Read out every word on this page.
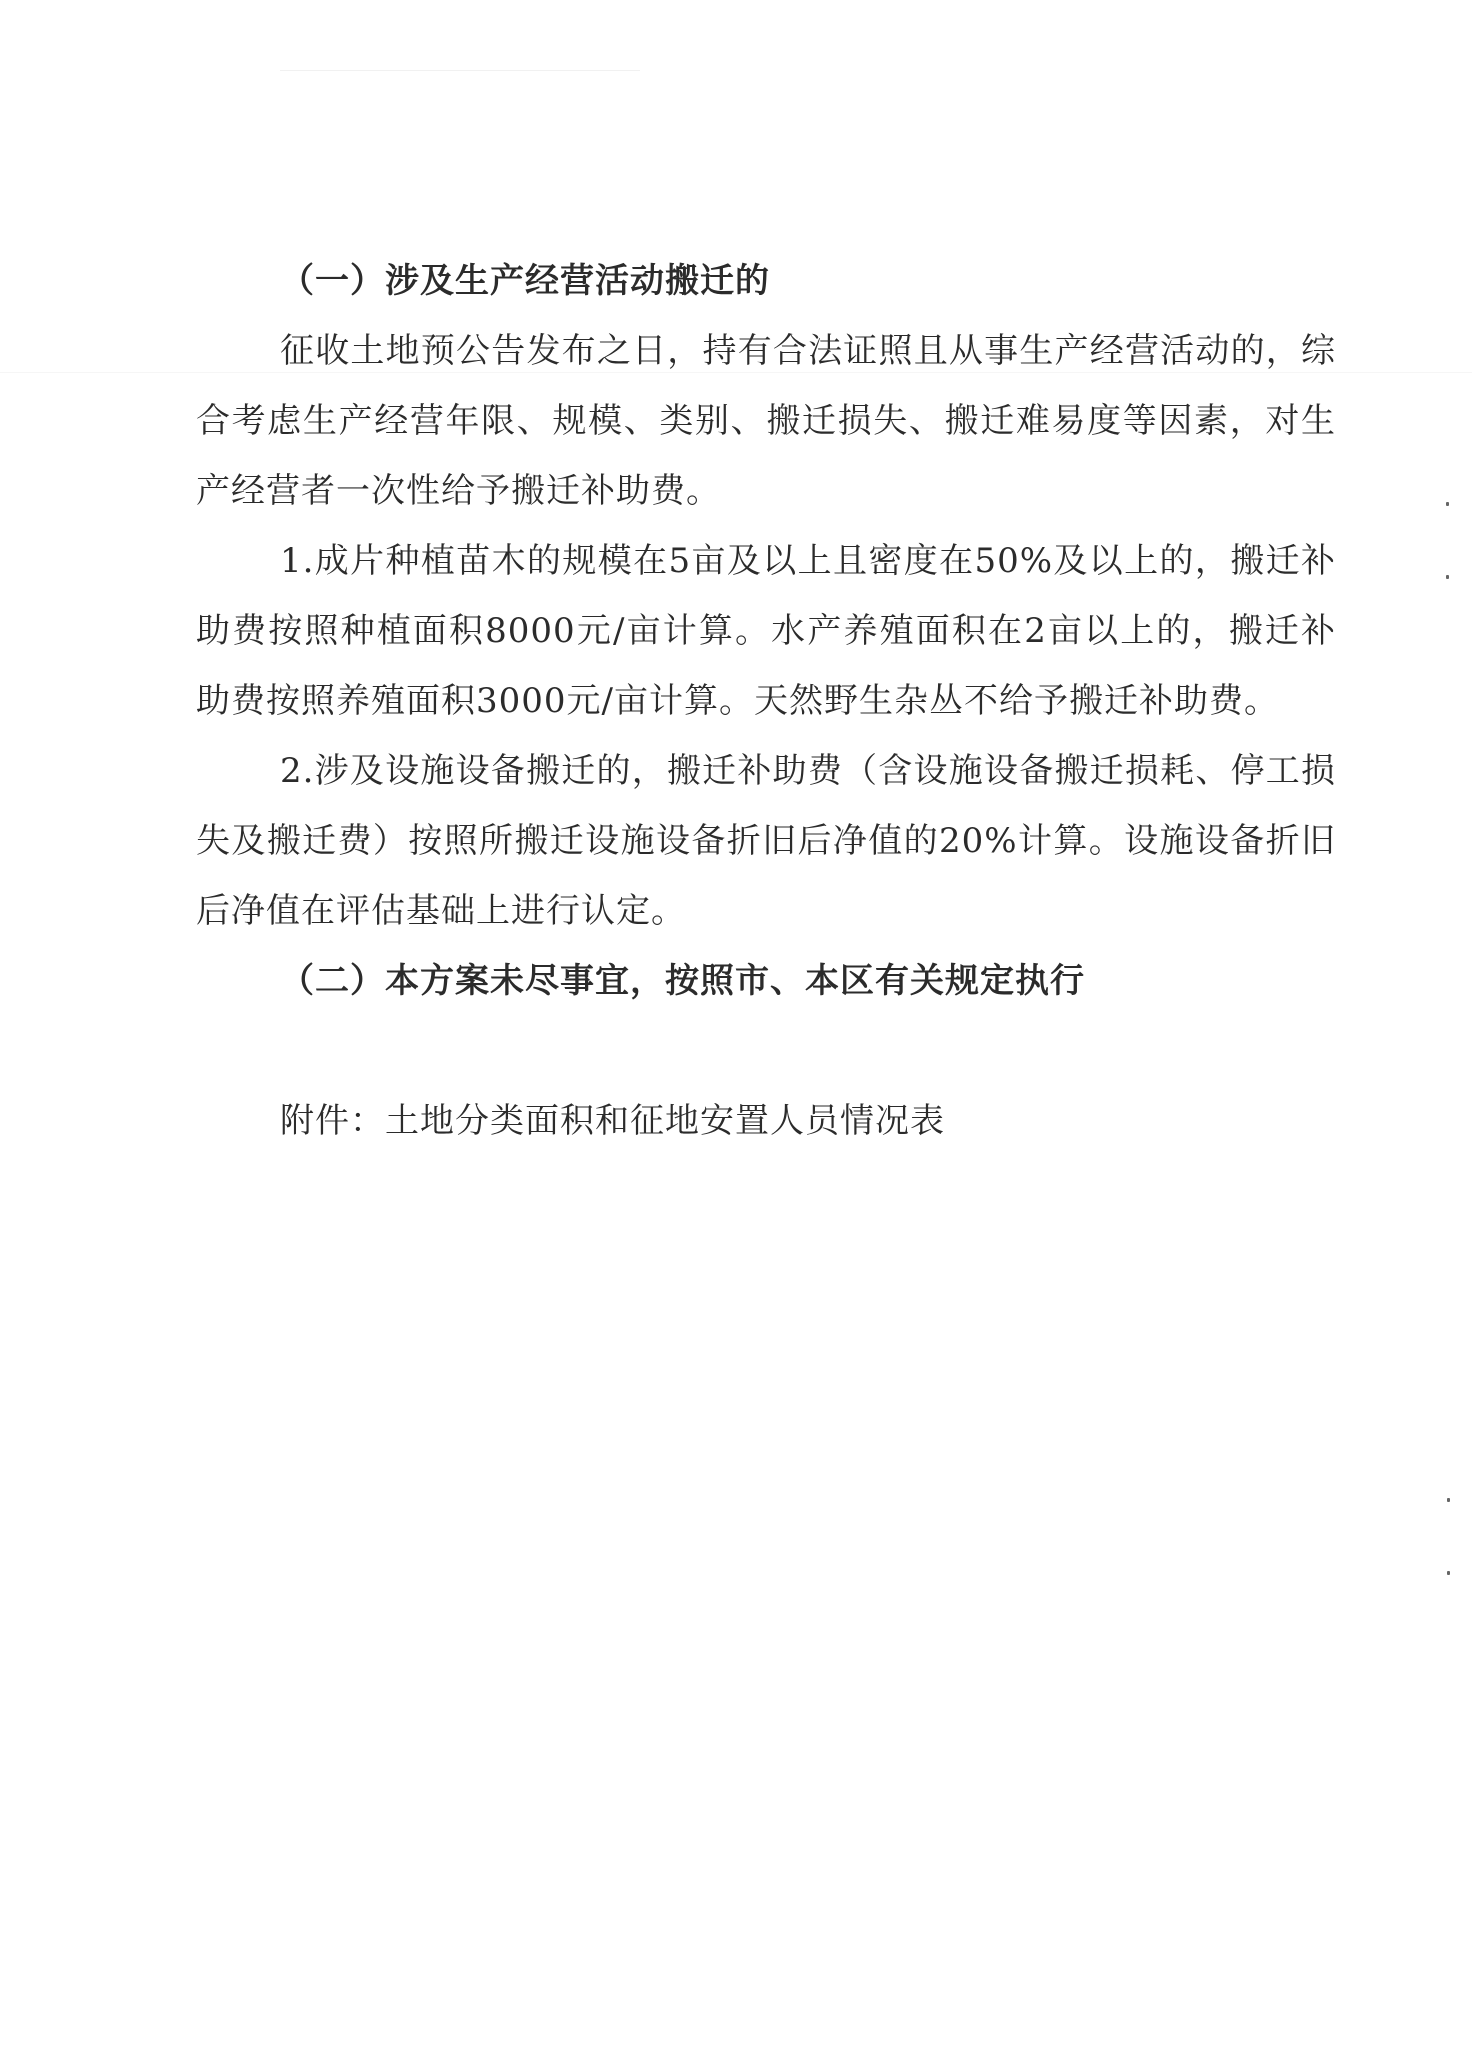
（一）涉及生产经营活动搬迁的

征收土地预公告发布之日，持有合法证照且从事生产经营活动的，综合考虑生产经营年限、规模、类别、搬迁损失、搬迁难易度等因素，对生产经营者一次性给予搬迁补助费。

1.成片种植苗木的规模在5亩及以上且密度在50%及以上的，搬迁补助费按照种植面积8000元/亩计算。水产养殖面积在2亩以上的，搬迁补助费按照养殖面积3000元/亩计算。天然野生杂丛不给予搬迁补助费。

2.涉及设施设备搬迁的，搬迁补助费（含设施设备搬迁损耗、停工损失及搬迁费）按照所搬迁设施设备折旧后净值的20%计算。设施设备折旧后净值在评估基础上进行认定。

（二）本方案未尽事宜，按照市、本区有关规定执行

附件：土地分类面积和征地安置人员情况表
